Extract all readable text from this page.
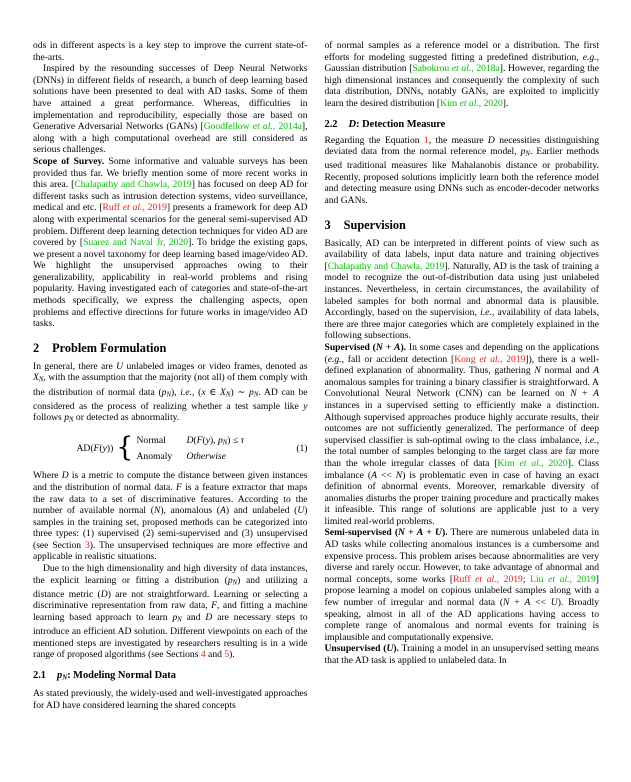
ods in different aspects is a key step to improve the current state-of-the-arts.

Inspired by the resounding successes of Deep Neural Networks (DNNs) in different fields of research, a bunch of deep learning based solutions have been presented to deal with AD tasks. Some of them have attained a great performance. Whereas, difficulties in implementation and reproducibility, especially those are based on Generative Adversarial Networks (GANs) [Goodfellow et al., 2014a], along with a high computational overhead are still considered as serious challenges.

Scope of Survey. Some informative and valuable surveys has been provided thus far. We briefly mention some of more recent works in this area. [Chalapathy and Chawla, 2019] has focused on deep AD for different tasks such as intrusion detection systems, video surveillance, medical and etc. [Ruff et al., 2019] presents a framework for deep AD along with experimental scenarios for the general semi-supervised AD problem. Different deep learning detection techniques for video AD are covered by [Suarez and Naval Jr, 2020]. To bridge the existing gaps, we present a novel taxonomy for deep learning based image/video AD. We highlight the unsupervised approaches owing to their generalizability, applicability in real-world problems and rising popularity. Having investigated each of categories and state-of-the-art methods specifically, we express the challenging aspects, open problems and effective directions for future works in image/video AD tasks.

2 Problem Formulation

In general, there are U unlabeled images or video frames, denoted as XN, with the assumption that the majority (not all) of them comply with the distribution of normal data (pN), i.e., (x ∈ XN) ∼ pN. AD can be considered as the process of realizing whether a test sample like y follows pN or detected as abnormality.

AD(F(y)) { Normal	D(F(y), pN) ≤ τ
Anomaly	Otherwise
(1)

Where D is a metric to compute the distance between given instances and the distribution of normal data. F is a feature extractor that maps the raw data to a set of discriminative features. According to the number of available normal (N), anomalous (A) and unlabeled (U) samples in the training set, proposed methods can be categorized into three types: (1) supervised (2) semi-supervised and (3) unsupervised (see Section 3). The unsupervised techniques are more effective and applicable in realistic situations.

Due to the high dimensionality and high diversity of data instances, the explicit learning or fitting a distribution (pN) and utilizing a distance metric (D) are not straightforward. Learning or selecting a discriminative representation from raw data, F, and fitting a machine learning based approach to learn pN and D are necessary steps to introduce an efficient AD solution. Different viewpoints on each of the mentioned steps are investigated by researchers resulting is in a wide range of proposed algorithms (see Sections 4 and 5).

2.1 pN: Modeling Normal Data

As stated previously, the widely-used and well-investigated approaches for AD have considered learning the shared concepts

of normal samples as a reference model or a distribution. The first efforts for modeling suggested fitting a predefined distribution, e.g., Gaussian distribution [Sabokrou et al., 2018a]. However, regarding the high dimensional instances and consequently the complexity of such data distribution, DNNs, notably GANs, are exploited to implicitly learn the desired distribution [Kim et al., 2020].

2.2 D: Detection Measure

Regarding the Equation 1, the measure D necessities distinguishing deviated data from the normal reference model, pN. Earlier methods used traditional measures like Mahalanobis distance or probability. Recently, proposed solutions implicitly learn both the reference model and detecting measure using DNNs such as encoder-decoder networks and GANs.

3 Supervision

Basically, AD can be interpreted in different points of view such as availability of data labels, input data nature and training objectives [Chalapathy and Chawla, 2019]. Naturally, AD is the task of training a model to recognize the out-of-distribution data using just unlabeled instances. Nevertheless, in certain circumstances, the availability of labeled samples for both normal and abnormal data is plausible. Accordingly, based on the supervision, i.e., availability of data labels, there are three major categories which are completely explained in the following subsections.

Supervised (N + A). In some cases and depending on the applications (e.g., fall or accident detection [Kong et al., 2019]), there is a well-defined explanation of abnormality. Thus, gathering N normal and A anomalous samples for training a binary classifier is straightforward. A Convolutional Neural Network (CNN) can be learned on N + A instances in a supervised setting to efficiently make a distinction. Although supervised approaches produce highly accurate results, their outcomes are not sufficiently generalized. The performance of deep supervised classifier is sub-optimal owing to the class imbalance, i.e., the total number of samples belonging to the target class are far more than the whole irregular classes of data [Kim et al., 2020]. Class imbalance (A << N) is problematic even in case of having an exact definition of abnormal events. Moreover, remarkable diversity of anomalies disturbs the proper training procedure and practically makes it infeasible. This range of solutions are applicable just to a very limited real-world problems.

Semi-supervised (N + A + U). There are numerous unlabeled data in AD tasks while collecting anomalous instances is a cumbersome and expensive process. This problem arises because abnormalities are very diverse and rarely occur. However, to take advantage of abnormal and normal concepts, some works [Ruff et al., 2019; Liu et al., 2019] propose learning a model on copious unlabeled samples along with a few number of irregular and normal data (N + A << U). Broadly speaking, almost in all of the AD applications having access to complete range of anomalous and normal events for training is implausible and computationally expensive.

Unsupervised (U). Training a model in an unsupervised setting means that the AD task is applied to unlabeled data. In
